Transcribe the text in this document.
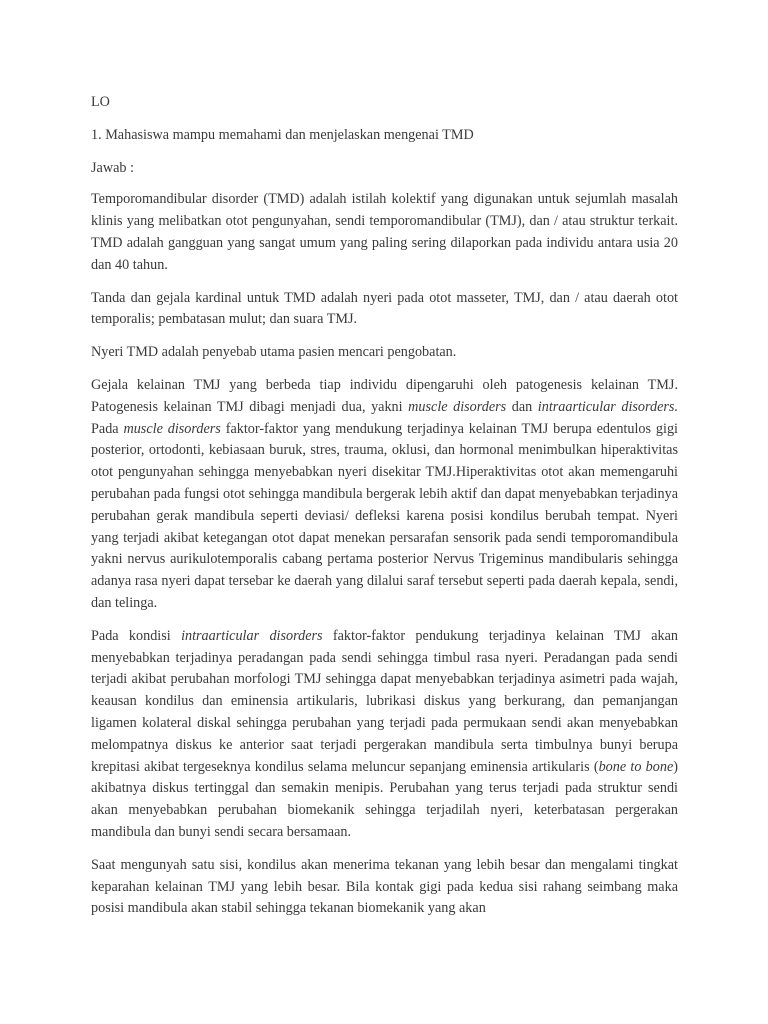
LO

1. Mahasiswa mampu memahami dan menjelaskan mengenai TMD

Jawab :

Temporomandibular disorder (TMD) adalah istilah kolektif yang digunakan untuk sejumlah masalah klinis yang melibatkan otot pengunyahan, sendi temporomandibular (TMJ), dan / atau struktur terkait. TMD adalah gangguan yang sangat umum yang paling sering dilaporkan pada individu antara usia 20 dan 40 tahun.

Tanda dan gejala kardinal untuk TMD adalah nyeri pada otot masseter, TMJ, dan / atau daerah otot temporalis; pembatasan mulut; dan suara TMJ.

Nyeri TMD adalah penyebab utama pasien mencari pengobatan.

Gejala kelainan TMJ yang berbeda tiap individu dipengaruhi oleh patogenesis kelainan TMJ. Patogenesis kelainan TMJ dibagi menjadi dua, yakni muscle disorders dan intraarticular disorders. Pada muscle disorders faktor-faktor yang mendukung terjadinya kelainan TMJ berupa edentulos gigi posterior, ortodonti, kebiasaan buruk, stres, trauma, oklusi, dan hormonal menimbulkan hiperaktivitas otot pengunyahan sehingga menyebabkan nyeri disekitar TMJ.Hiperaktivitas otot akan memengaruhi perubahan pada fungsi otot sehingga mandibula bergerak lebih aktif dan dapat menyebabkan terjadinya perubahan gerak mandibula seperti deviasi/ defleksi karena posisi kondilus berubah tempat. Nyeri yang terjadi akibat ketegangan otot dapat menekan persarafan sensorik pada sendi temporomandibula yakni nervus aurikulotemporalis cabang pertama posterior Nervus Trigeminus mandibularis sehingga adanya rasa nyeri dapat tersebar ke daerah yang dilalui saraf tersebut seperti pada daerah kepala, sendi, dan telinga.

Pada kondisi intraarticular disorders faktor-faktor pendukung terjadinya kelainan TMJ akan menyebabkan terjadinya peradangan pada sendi sehingga timbul rasa nyeri. Peradangan pada sendi terjadi akibat perubahan morfologi TMJ sehingga dapat menyebabkan terjadinya asimetri pada wajah, keausan kondilus dan eminensia artikularis, lubrikasi diskus yang berkurang, dan pemanjangan ligamen kolateral diskal sehingga perubahan yang terjadi pada permukaan sendi akan menyebabkan melompatnya diskus ke anterior saat terjadi pergerakan mandibula serta timbulnya bunyi berupa krepitasi akibat tergeseknya kondilus selama meluncur sepanjang eminensia artikularis (bone to bone) akibatnya diskus tertinggal dan semakin menipis. Perubahan yang terus terjadi pada struktur sendi akan menyebabkan perubahan biomekanik sehingga terjadilah nyeri, keterbatasan pergerakan mandibula dan bunyi sendi secara bersamaan.

Saat mengunyah satu sisi, kondilus akan menerima tekanan yang lebih besar dan mengalami tingkat keparahan kelainan TMJ yang lebih besar. Bila kontak gigi pada kedua sisi rahang seimbang maka posisi mandibula akan stabil sehingga tekanan biomekanik yang akan
